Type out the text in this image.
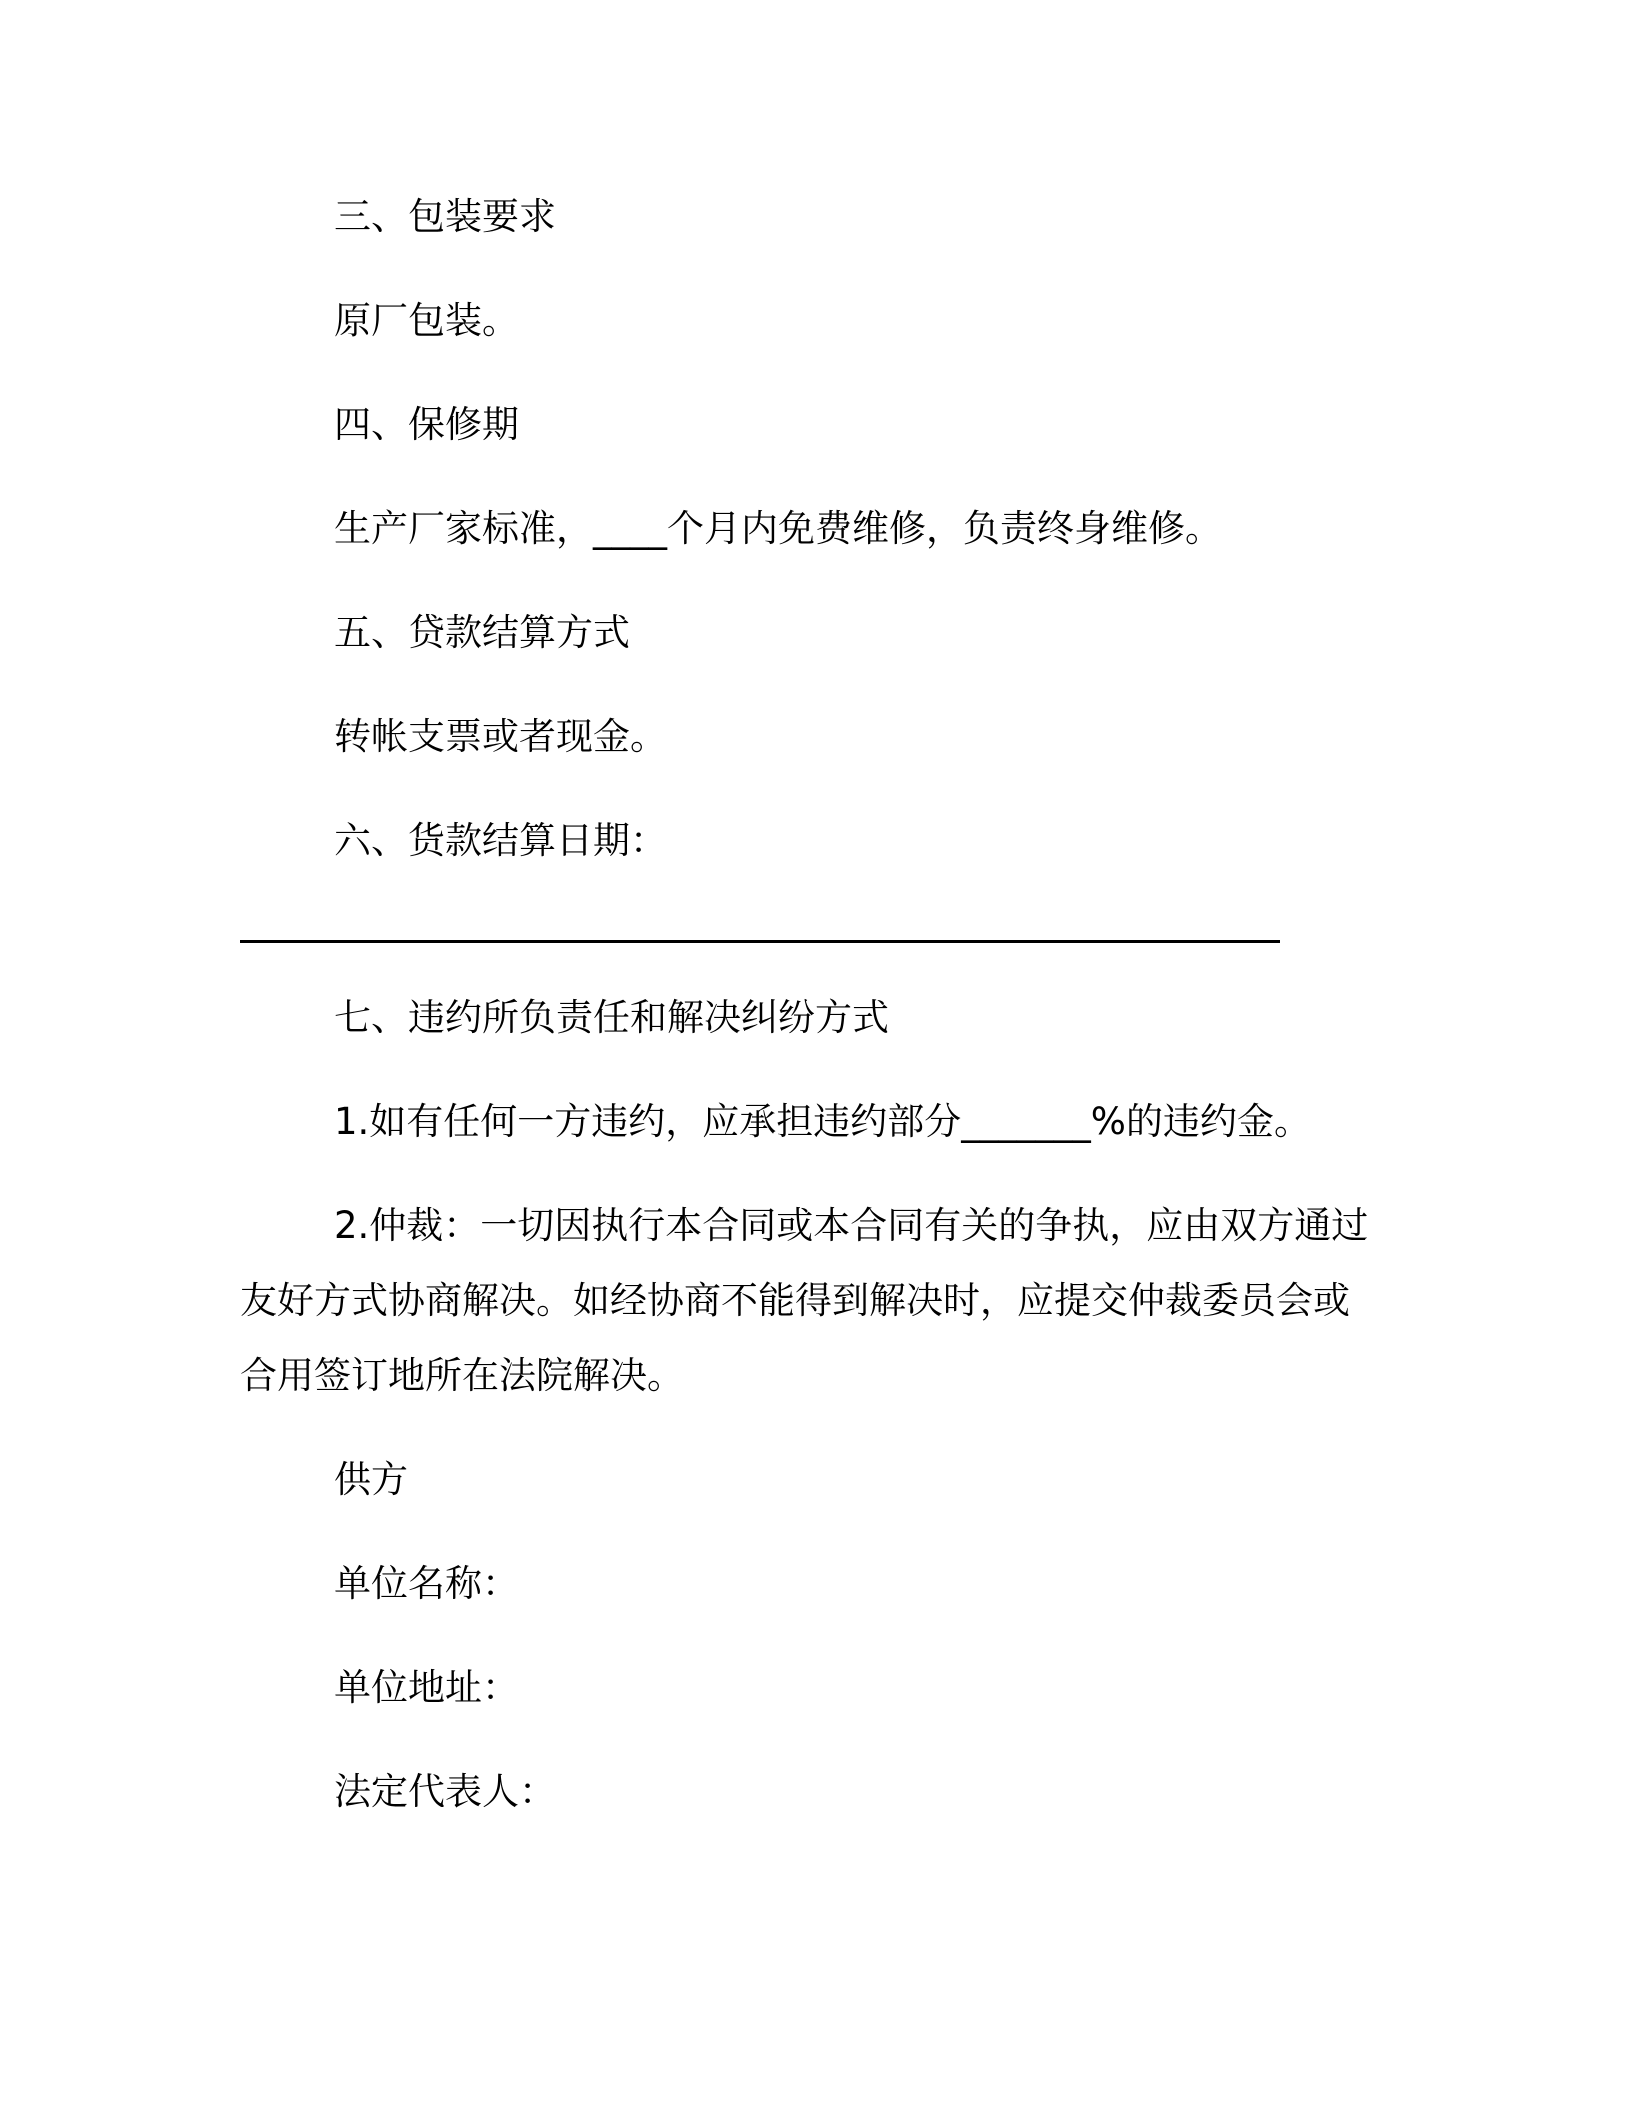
三、包装要求
原厂包装。
四、保修期
生产厂家标准，____个月内免费维修，负责终身维修。
五、贷款结算方式
转帐支票或者现金。
六、货款结算日期：
七、违约所负责任和解决纠纷方式
1.如有任何一方违约，应承担违约部分_______%的违约金。
2.仲裁：一切因执行本合同或本合同有关的争执，应由双方通过
友好方式协商解决。如经协商不能得到解决时，应提交仲裁委员会或
合用签订地所在法院解决。
供方
单位名称：
单位地址：
法定代表人：
